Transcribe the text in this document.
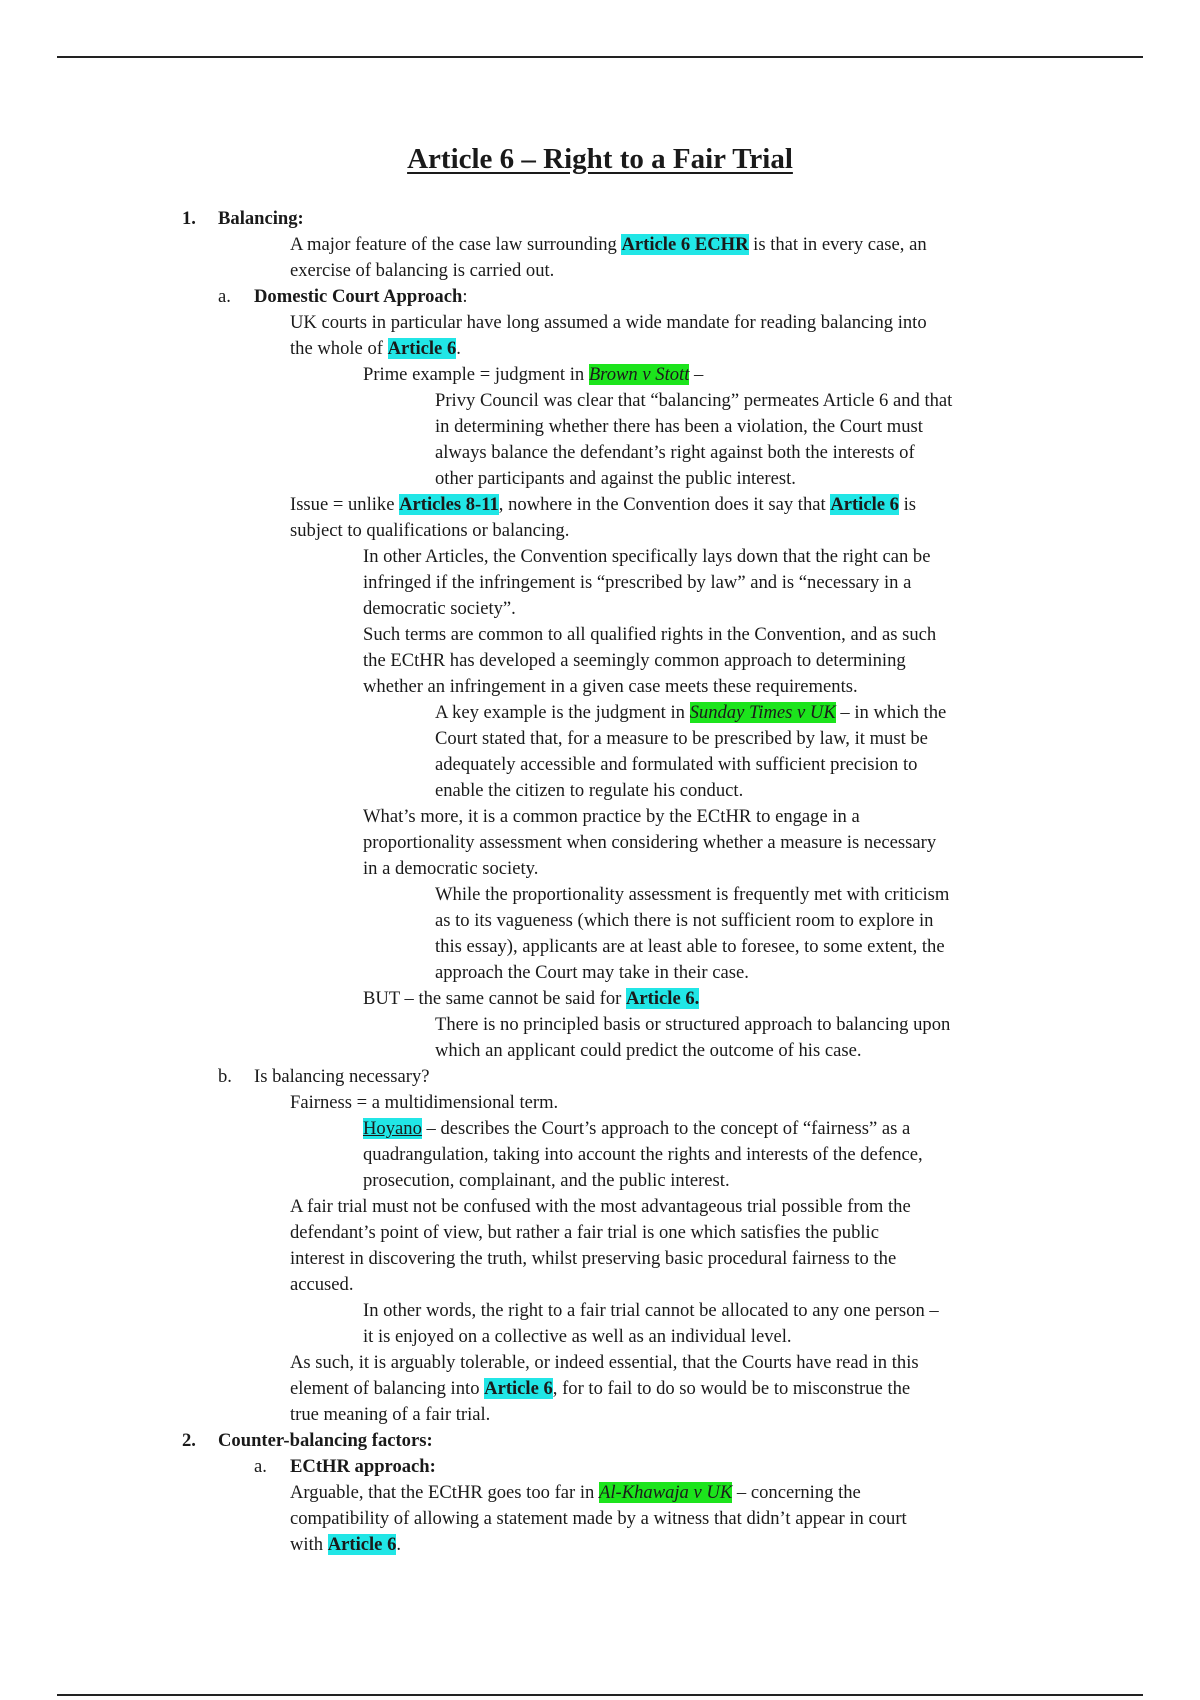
Article 6 – Right to a Fair Trial
1. Balancing:
A major feature of the case law surrounding Article 6 ECHR is that in every case, an
exercise of balancing is carried out.
a. Domestic Court Approach:
UK courts in particular have long assumed a wide mandate for reading balancing into
the whole of Article 6.
Prime example = judgment in Brown v Stott –
Privy Council was clear that “balancing” permeates Article 6 and that
in determining whether there has been a violation, the Court must
always balance the defendant’s right against both the interests of
other participants and against the public interest.
Issue = unlike Articles 8-11, nowhere in the Convention does it say that Article 6 is
subject to qualifications or balancing.
In other Articles, the Convention specifically lays down that the right can be
infringed if the infringement is “prescribed by law” and is “necessary in a
democratic society”.
Such terms are common to all qualified rights in the Convention, and as such
the ECtHR has developed a seemingly common approach to determining
whether an infringement in a given case meets these requirements.
A key example is the judgment in Sunday Times v UK – in which the
Court stated that, for a measure to be prescribed by law, it must be
adequately accessible and formulated with sufficient precision to
enable the citizen to regulate his conduct.
What’s more, it is a common practice by the ECtHR to engage in a
proportionality assessment when considering whether a measure is necessary
in a democratic society.
While the proportionality assessment is frequently met with criticism
as to its vagueness (which there is not sufficient room to explore in
this essay), applicants are at least able to foresee, to some extent, the
approach the Court may take in their case.
BUT – the same cannot be said for Article 6.
There is no principled basis or structured approach to balancing upon
which an applicant could predict the outcome of his case.
b. Is balancing necessary?
Fairness = a multidimensional term.
Hoyano – describes the Court’s approach to the concept of “fairness” as a
quadrangulation, taking into account the rights and interests of the defence,
prosecution, complainant, and the public interest.
A fair trial must not be confused with the most advantageous trial possible from the
defendant’s point of view, but rather a fair trial is one which satisfies the public
interest in discovering the truth, whilst preserving basic procedural fairness to the
accused.
In other words, the right to a fair trial cannot be allocated to any one person –
it is enjoyed on a collective as well as an individual level.
As such, it is arguably tolerable, or indeed essential, that the Courts have read in this
element of balancing into Article 6, for to fail to do so would be to misconstrue the
true meaning of a fair trial.
2. Counter-balancing factors:
a. ECtHR approach:
Arguable, that the ECtHR goes too far in Al-Khawaja v UK – concerning the
compatibility of allowing a statement made by a witness that didn’t appear in court
with Article 6.
